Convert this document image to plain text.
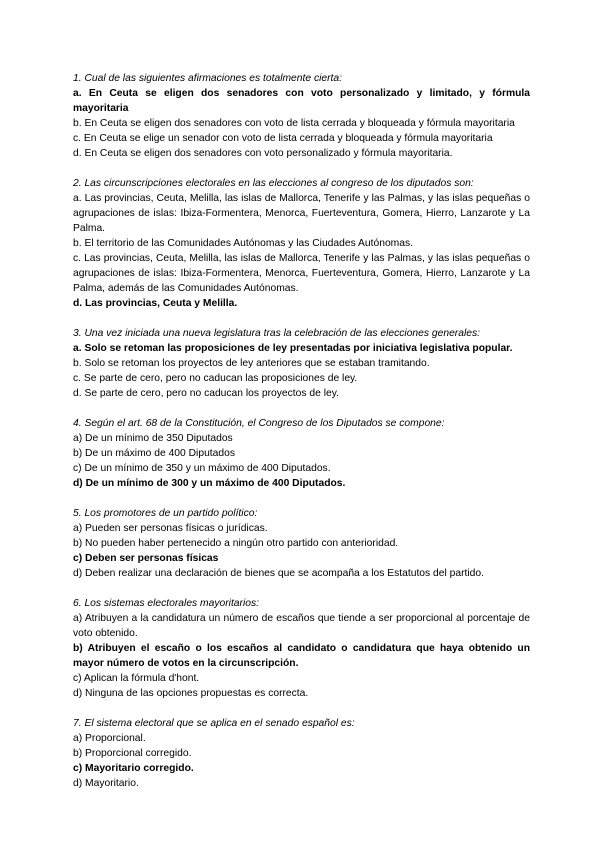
1. Cual de las siguientes afirmaciones es totalmente cierta:
a. En Ceuta se eligen dos senadores con voto personalizado y limitado, y fórmula mayoritaria
b. En Ceuta se eligen dos senadores con voto de lista cerrada y bloqueada y fórmula mayoritaria
c. En Ceuta se elige un senador con voto de lista cerrada y bloqueada y fórmula mayoritaria
d. En Ceuta se eligen dos senadores con voto personalizado y fórmula mayoritaria.
2. Las circunscripciones electorales en las elecciones al congreso de los diputados son:
a. Las provincias, Ceuta, Melilla, las islas de Mallorca, Tenerife y las Palmas, y las islas pequeñas o agrupaciones de islas: Ibiza-Formentera, Menorca, Fuerteventura, Gomera, Hierro, Lanzarote y La Palma.
b. El territorio de las Comunidades Autónomas y las Ciudades Autónomas.
c. Las provincias, Ceuta, Melilla, las islas de Mallorca, Tenerife y las Palmas, y las islas pequeñas o agrupaciones de islas: Ibiza-Formentera, Menorca, Fuerteventura, Gomera, Hierro, Lanzarote y La Palma, además de las Comunidades Autónomas.
d. Las provincias, Ceuta y Melilla.
3. Una vez iniciada una nueva legislatura tras la celebración de las elecciones generales:
a. Solo se retoman las proposiciones de ley presentadas por iniciativa legislativa popular.
b. Solo se retoman los proyectos de ley anteriores que se estaban tramitando.
c. Se parte de cero, pero no caducan las proposiciones de ley.
d. Se parte de cero, pero no caducan los proyectos de ley.
4. Según el art. 68 de la Constitución, el Congreso de los Diputados se compone:
a) De un mínimo de 350 Diputados
b) De un máximo de 400 Diputados
c) De un mínimo de 350 y un máximo de 400 Diputados.
d) De un mínimo de 300 y un máximo de 400 Diputados.
5. Los promotores de un partido político:
a) Pueden ser personas físicas o jurídicas.
b) No pueden haber pertenecido a ningún otro partido con anterioridad.
c) Deben ser personas físicas
d) Deben realizar una declaración de bienes que se acompaña a los Estatutos del partido.
6. Los sistemas electorales mayoritarios:
a) Atribuyen a la candidatura un número de escaños que tiende a ser proporcional al porcentaje de voto obtenido.
b) Atribuyen el escaño o los escaños al candidato o candidatura que haya obtenido un mayor número de votos en la circunscripción.
c) Aplican la fórmula d'hont.
d) Ninguna de las opciones propuestas es correcta.
7. El sistema electoral que se aplica en el senado español es:
a) Proporcional.
b) Proporcional corregido.
c) Mayoritario corregido.
d) Mayoritario.
